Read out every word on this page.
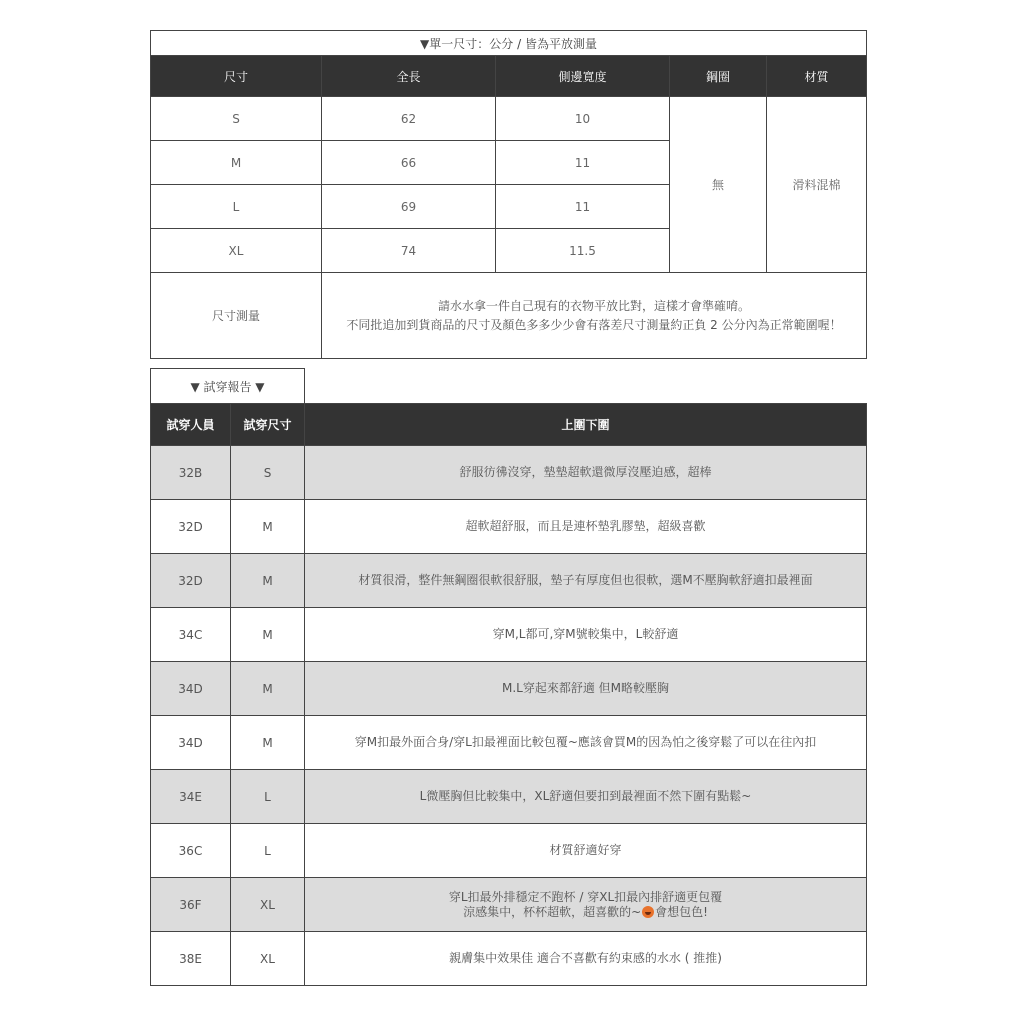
▼單一尺寸：公分 / 皆為平放測量				
尺寸	全長	側邊寬度	鋼圈	材質
S	62	10	無	滑料混棉
M	66	11		
L	69	11		
XL	74	11.5		
尺寸測量	請水水拿一件自己現有的衣物平放比對，這樣才會準確唷。
不同批追加到貨商品的尺寸及顏色多多少少會有落差尺寸測量約正負 2 公分內為正常範圍喔！			
▼ 試穿報告 ▼
試穿人員	試穿尺寸	上圍下圍
32B	S	舒服彷彿沒穿，墊墊超軟還微厚沒壓迫感，超棒
32D	M	超軟超舒服，而且是連杯墊乳膠墊，超級喜歡
32D	M	材質很滑，整件無鋼圈很軟很舒服，墊子有厚度但也很軟，選M不壓胸軟舒適扣最裡面
34C	M	穿M,L都可,穿M號較集中，L較舒適
34D	M	M.L穿起來都舒適 但M略較壓胸
34D	M	穿M扣最外面合身/穿L扣最裡面比較包覆~應該會買M的因為怕之後穿鬆了可以在往內扣
34E	L	L微壓胸但比較集中，XL舒適但要扣到最裡面不然下圍有點鬆~
36C	L	材質舒適好穿
36F	XL	穿L扣最外排穩定不跑杯 / 穿XL扣最內排舒適更包覆
涼感集中，杯杯超軟，超喜歡的~ 會想包色!

38E	XL	親膚集中效果佳 適合不喜歡有約束感的水水 ( 推推)
